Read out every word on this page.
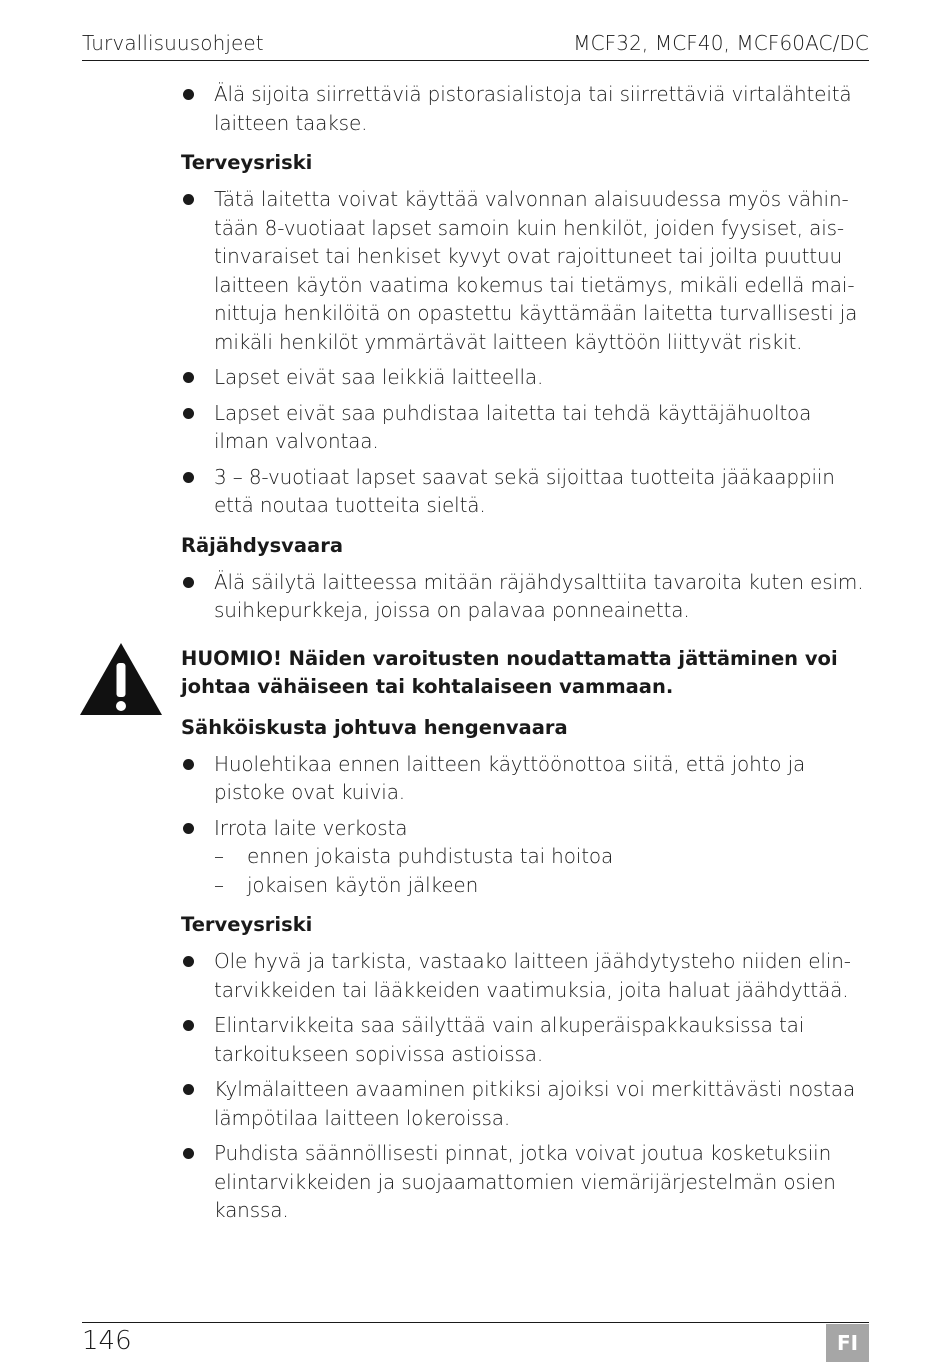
Turvallisuusohjeet	MCF32, MCF40, MCF60AC/DC
Älä sijoita siirrettäviä pistorasialistoja tai siirrettäviä virtalähteitä laitteen taakse.
Terveysriski
Tätä laitetta voivat käyttää valvonnan alaisuudessa myös vähin-tään 8-vuotiaat lapset samoin kuin henkilöt, joiden fyysiset, ais-tinvaraiset tai henkiset kyvyt ovat rajoittuneet tai joilta puuttuu laitteen käytön vaatima kokemus tai tietämys, mikäli edellä mai-nittuja henkilöitä on opastettu käyttämään laitetta turvallisesti ja mikäli henkilöt ymmärtävät laitteen käyttöön liittyvät riskit.
Lapset eivät saa leikkiä laitteella.
Lapset eivät saa puhdistaa laitetta tai tehdä käyttäjähuoltoa ilman valvontaa.
3 – 8-vuotiaat lapset saavat sekä sijoittaa tuotteita jääkaappiin että noutaa tuotteita sieltä.
Räjähdysvaara
Älä säilytä laitteessa mitään räjähdysalttiita tavaroita kuten esim. suihkepurkkeja, joissa on palavaa ponneainetta.
HUOMIO! Näiden varoitusten noudattamatta jättäminen voi johtaa vähäiseen tai kohtalaiseen vammaan.
Sähköiskusta johtuva hengenvaara
Huolehtikaa ennen laitteen käyttöönottoa siitä, että johto ja pistoke ovat kuivia.
Irrota laite verkosta
– ennen jokaista puhdistusta tai hoitoa
– jokaisen käytön jälkeen
Terveysriski
Ole hyvä ja tarkista, vastaako laitteen jäähdytysteho niiden elin-tarvikkeiden tai lääkkeiden vaatimuksia, joita haluat jäähdyttää.
Elintarvikkeita saa säilyttää vain alkuperäispakkauksissa tai tarkoitukseen sopivissa astioissa.
Kylmälaitteen avaaminen pitkiksi ajoiksi voi merkittävästi nostaa lämpötilaa laitteen lokeroissa.
Puhdista säännöllisesti pinnat, jotka voivat joutua kosketuksiin elintarvikkeiden ja suojaamattomien viemärijärjestelmän osien kanssa.
146	FI
